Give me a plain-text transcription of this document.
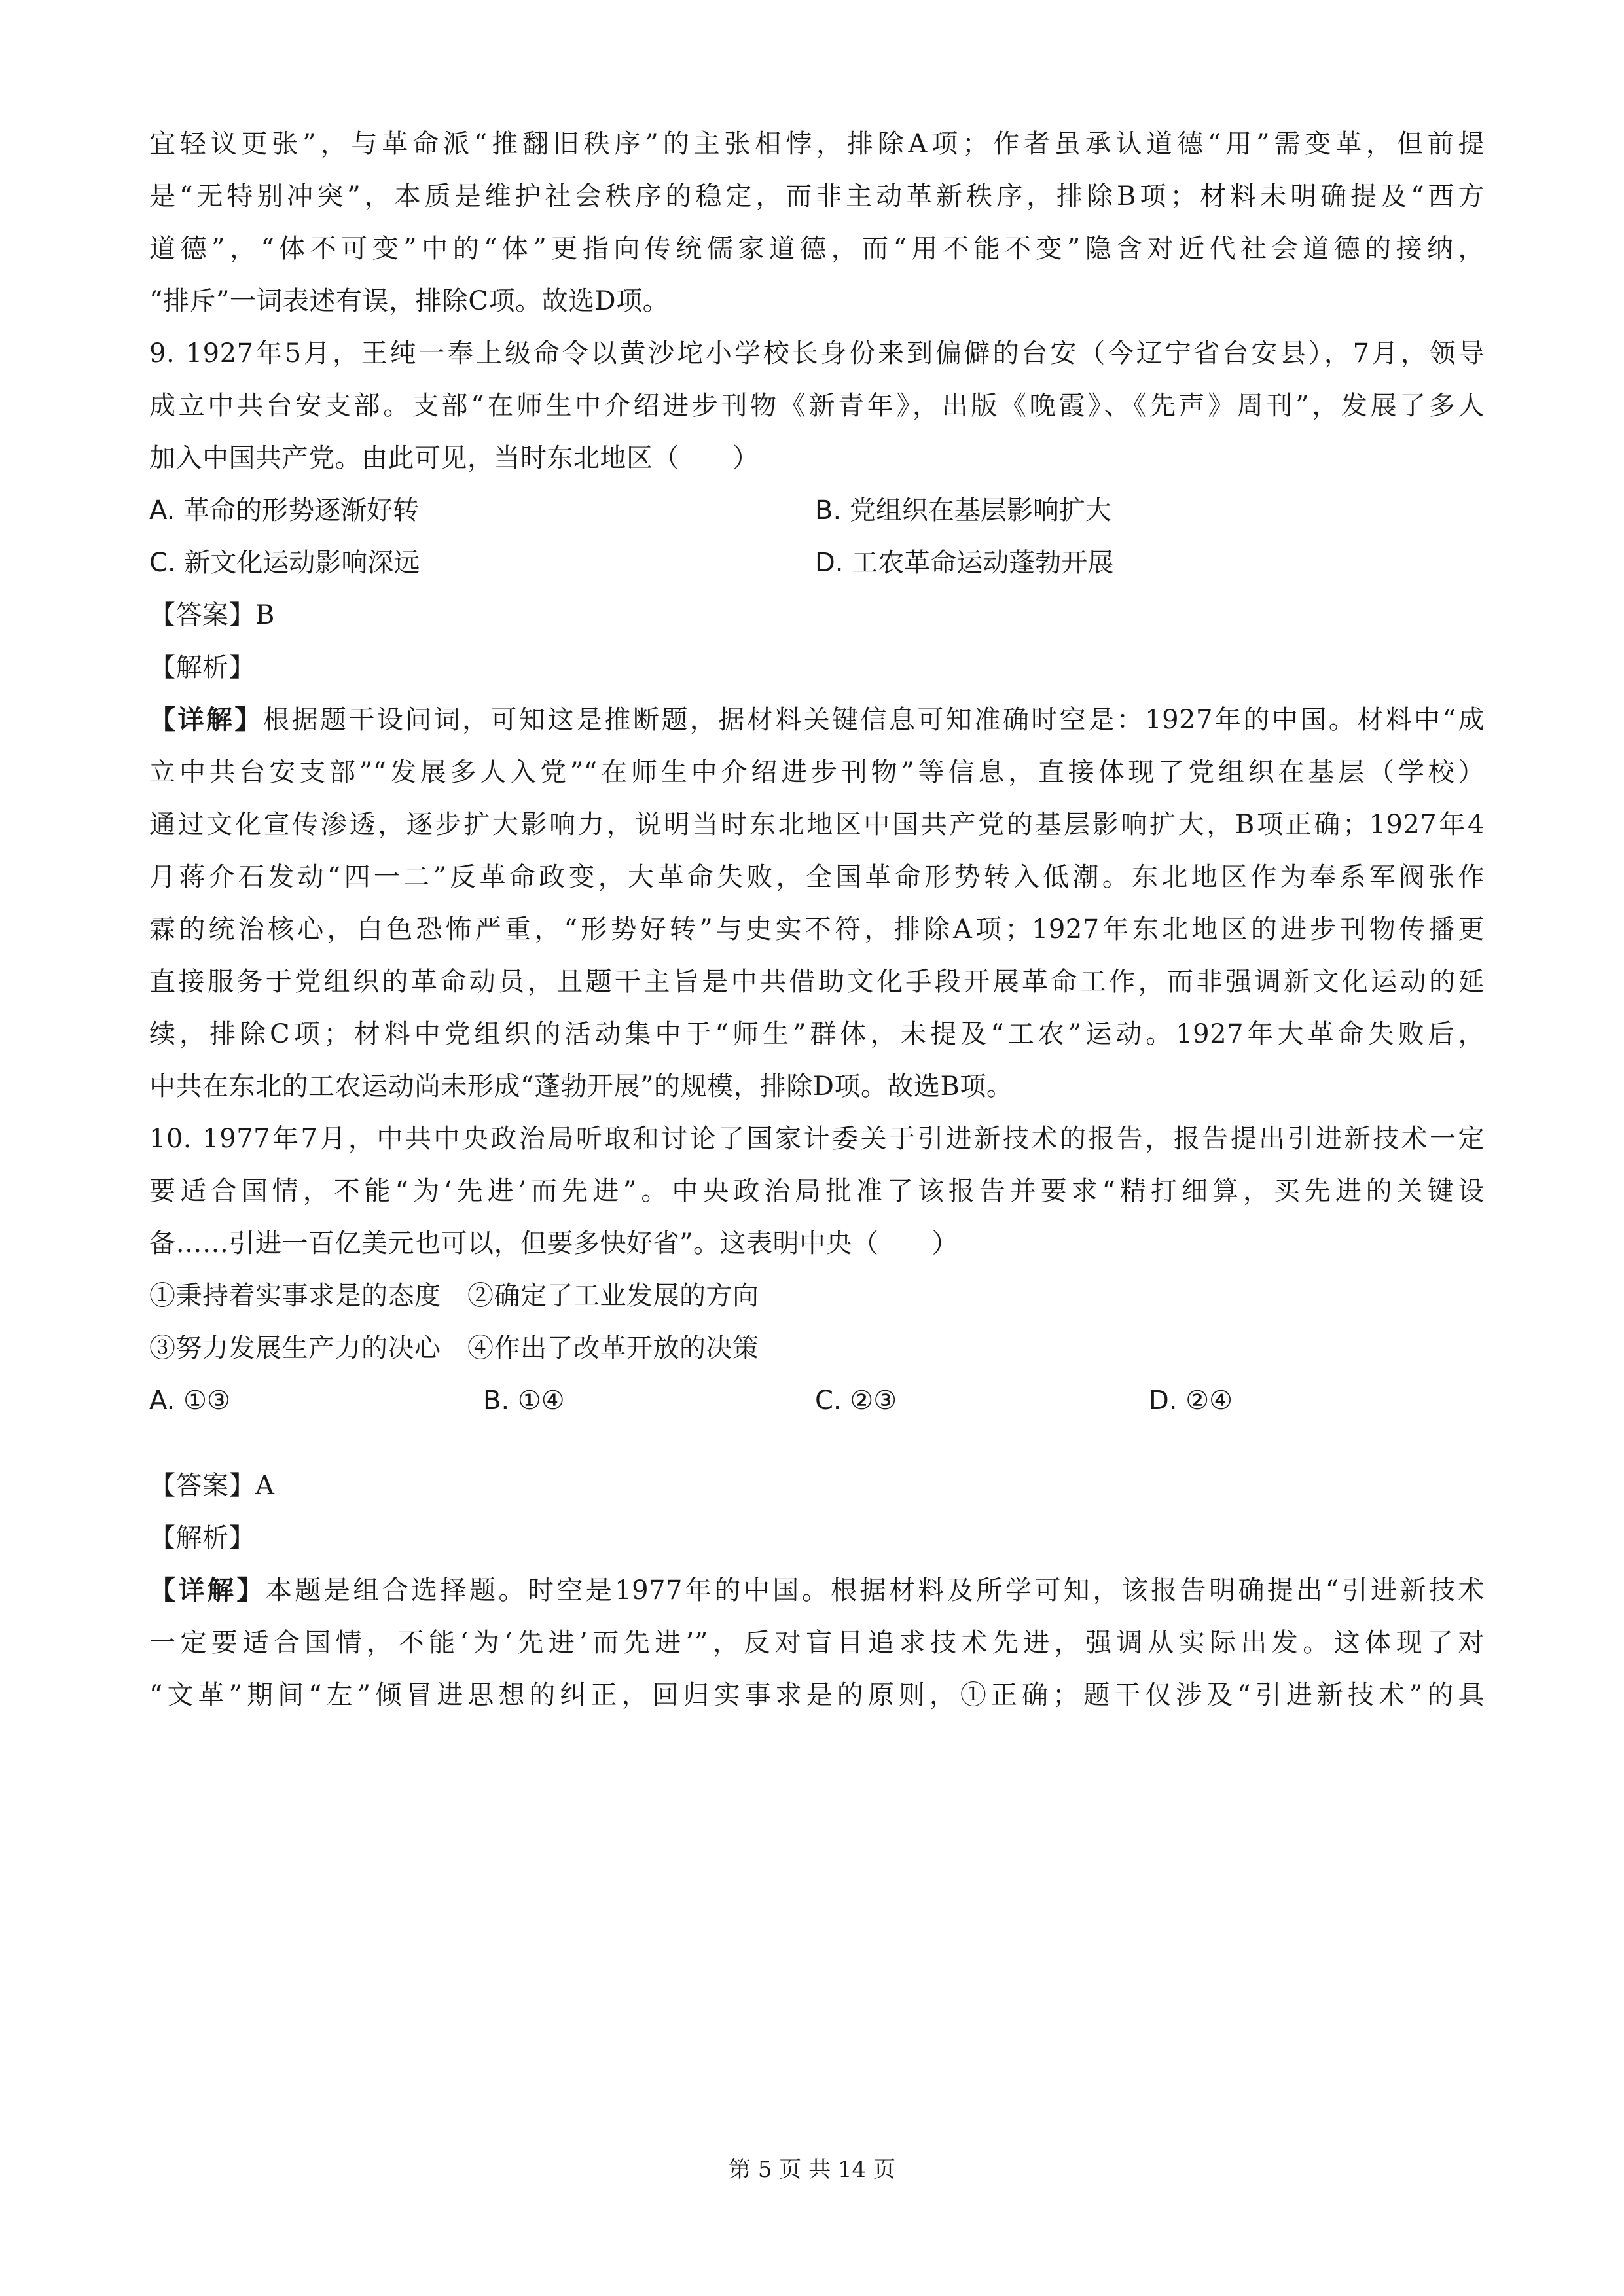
宜轻议更张”，与革命派“推翻旧秩序”的主张相悖，排除A项；作者虽承认道德“用”需变革，但前提
是“无特别冲突”，本质是维护社会秩序的稳定，而非主动革新秩序，排除B项；材料未明确提及“西方
道德”，“体不可变”中的“体”更指向传统儒家道德，而“用不能不变”隐含对近代社会道德的接纳，
“排斥”一词表述有误，排除C项。故选D项。
9. 1927年5月，王纯一奉上级命令以黄沙坨小学校长身份来到偏僻的台安（今辽宁省台安县），7月，领导
成立中共台安支部。支部“在师生中介绍进步刊物《新青年》，出版《晚霞》、《先声》周刊”，发展了多人
加入中国共产党。由此可见，当时东北地区（　　）
A. 革命的形势逐渐好转	B. 党组织在基层影响扩大
C. 新文化运动影响深远	D. 工农革命运动蓬勃开展
【答案】B
【解析】
【详解】根据题干设问词，可知这是推断题，据材料关键信息可知准确时空是：1927年的中国。材料中“成
立中共台安支部”“发展多人入党”“在师生中介绍进步刊物”等信息，直接体现了党组织在基层（学校）
通过文化宣传渗透，逐步扩大影响力，说明当时东北地区中国共产党的基层影响扩大，B项正确；1927年4
月蒋介石发动“四一二”反革命政变，大革命失败，全国革命形势转入低潮。东北地区作为奉系军阀张作
霖的统治核心，白色恐怖严重，“形势好转”与史实不符，排除A项；1927年东北地区的进步刊物传播更
直接服务于党组织的革命动员，且题干主旨是中共借助文化手段开展革命工作，而非强调新文化运动的延
续，排除C项；材料中党组织的活动集中于“师生”群体，未提及“工农”运动。1927年大革命失败后，
中共在东北的工农运动尚未形成“蓬勃开展”的规模，排除D项。故选B项。
10. 1977年7月，中共中央政治局听取和讨论了国家计委关于引进新技术的报告，报告提出引进新技术一定
要适合国情，不能“为‘先进’而先进”。中央政治局批准了该报告并要求“精打细算，买先进的关键设
备……引进一百亿美元也可以，但要多快好省”。这表明中央（　　）
①秉持着实事求是的态度　②确定了工业发展的方向
③努力发展生产力的决心　④作出了改革开放的决策
A. ①③	B. ①④	C. ②③	D. ②④
【答案】A
【解析】
【详解】本题是组合选择题。时空是1977年的中国。根据材料及所学可知，该报告明确提出“引进新技术
一定要适合国情，不能‘为‘先进’而先进’”，反对盲目追求技术先进，强调从实际出发。这体现了对
“文革”期间“左”倾冒进思想的纠正，回归实事求是的原则，①正确；题干仅涉及“引进新技术”的具
第 5 页 共 14 页
